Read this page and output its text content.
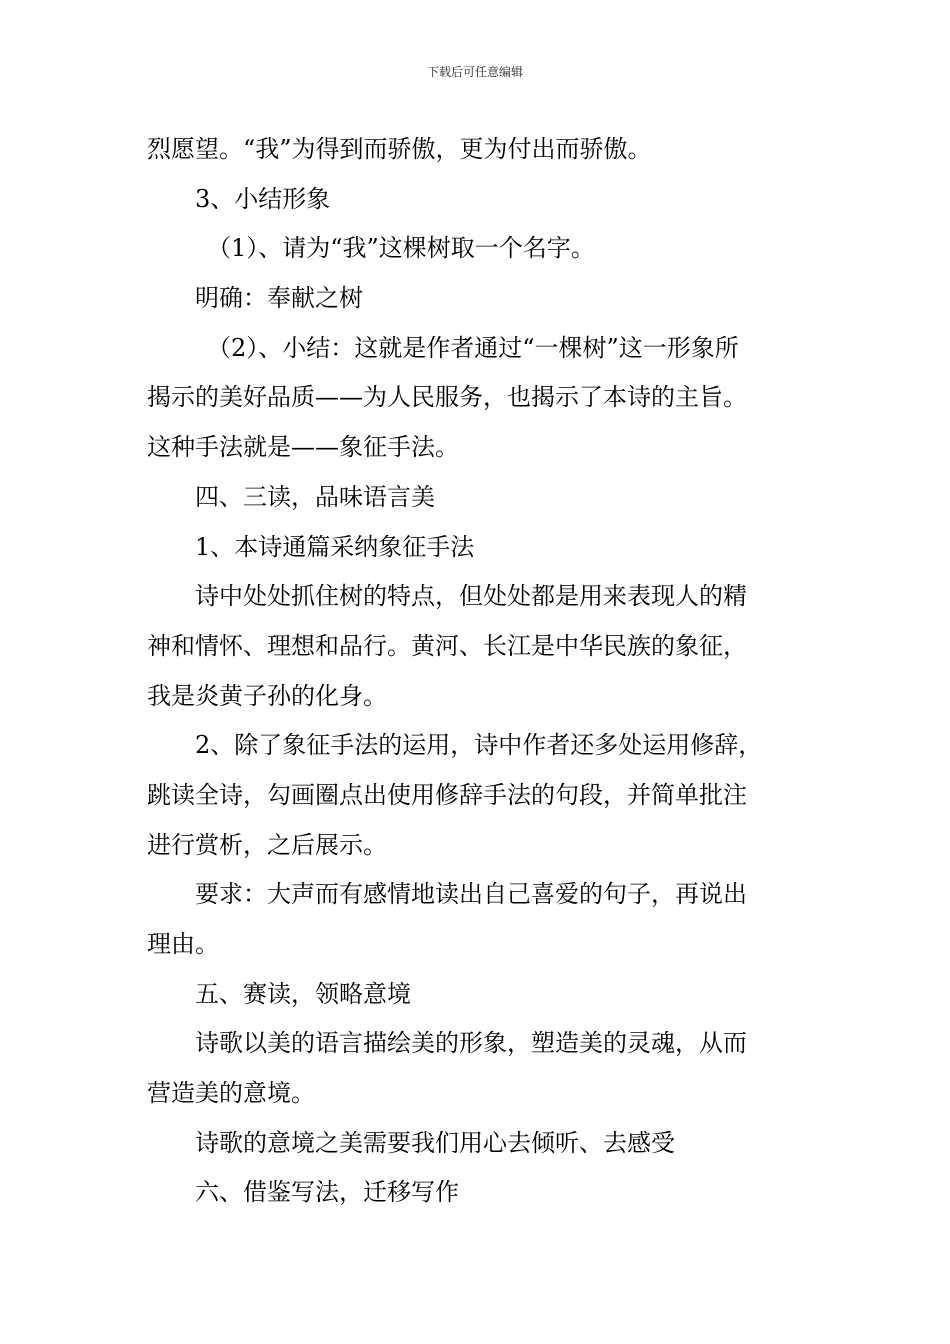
下载后可任意编辑
烈愿望。“我”为得到而骄傲，更为付出而骄傲。
3、小结形象
（1）、请为“我”这棵树取一个名字。
明确：奉献之树
（2）、小结：这就是作者通过“一棵树”这一形象所
揭示的美好品质——为人民服务，也揭示了本诗的主旨。
这种手法就是——象征手法。
四、三读，品味语言美
1、本诗通篇采纳象征手法
诗中处处抓住树的特点，但处处都是用来表现人的精
神和情怀、理想和品行。黄河、长江是中华民族的象征，
我是炎黄子孙的化身。
2、除了象征手法的运用，诗中作者还多处运用修辞，
跳读全诗，勾画圈点出使用修辞手法的句段，并简单批注
进行赏析，之后展示。
要求：大声而有感情地读出自己喜爱的句子，再说出
理由。
五、赛读，领略意境
诗歌以美的语言描绘美的形象，塑造美的灵魂，从而
营造美的意境。
诗歌的意境之美需要我们用心去倾听、去感受
六、借鉴写法，迁移写作
